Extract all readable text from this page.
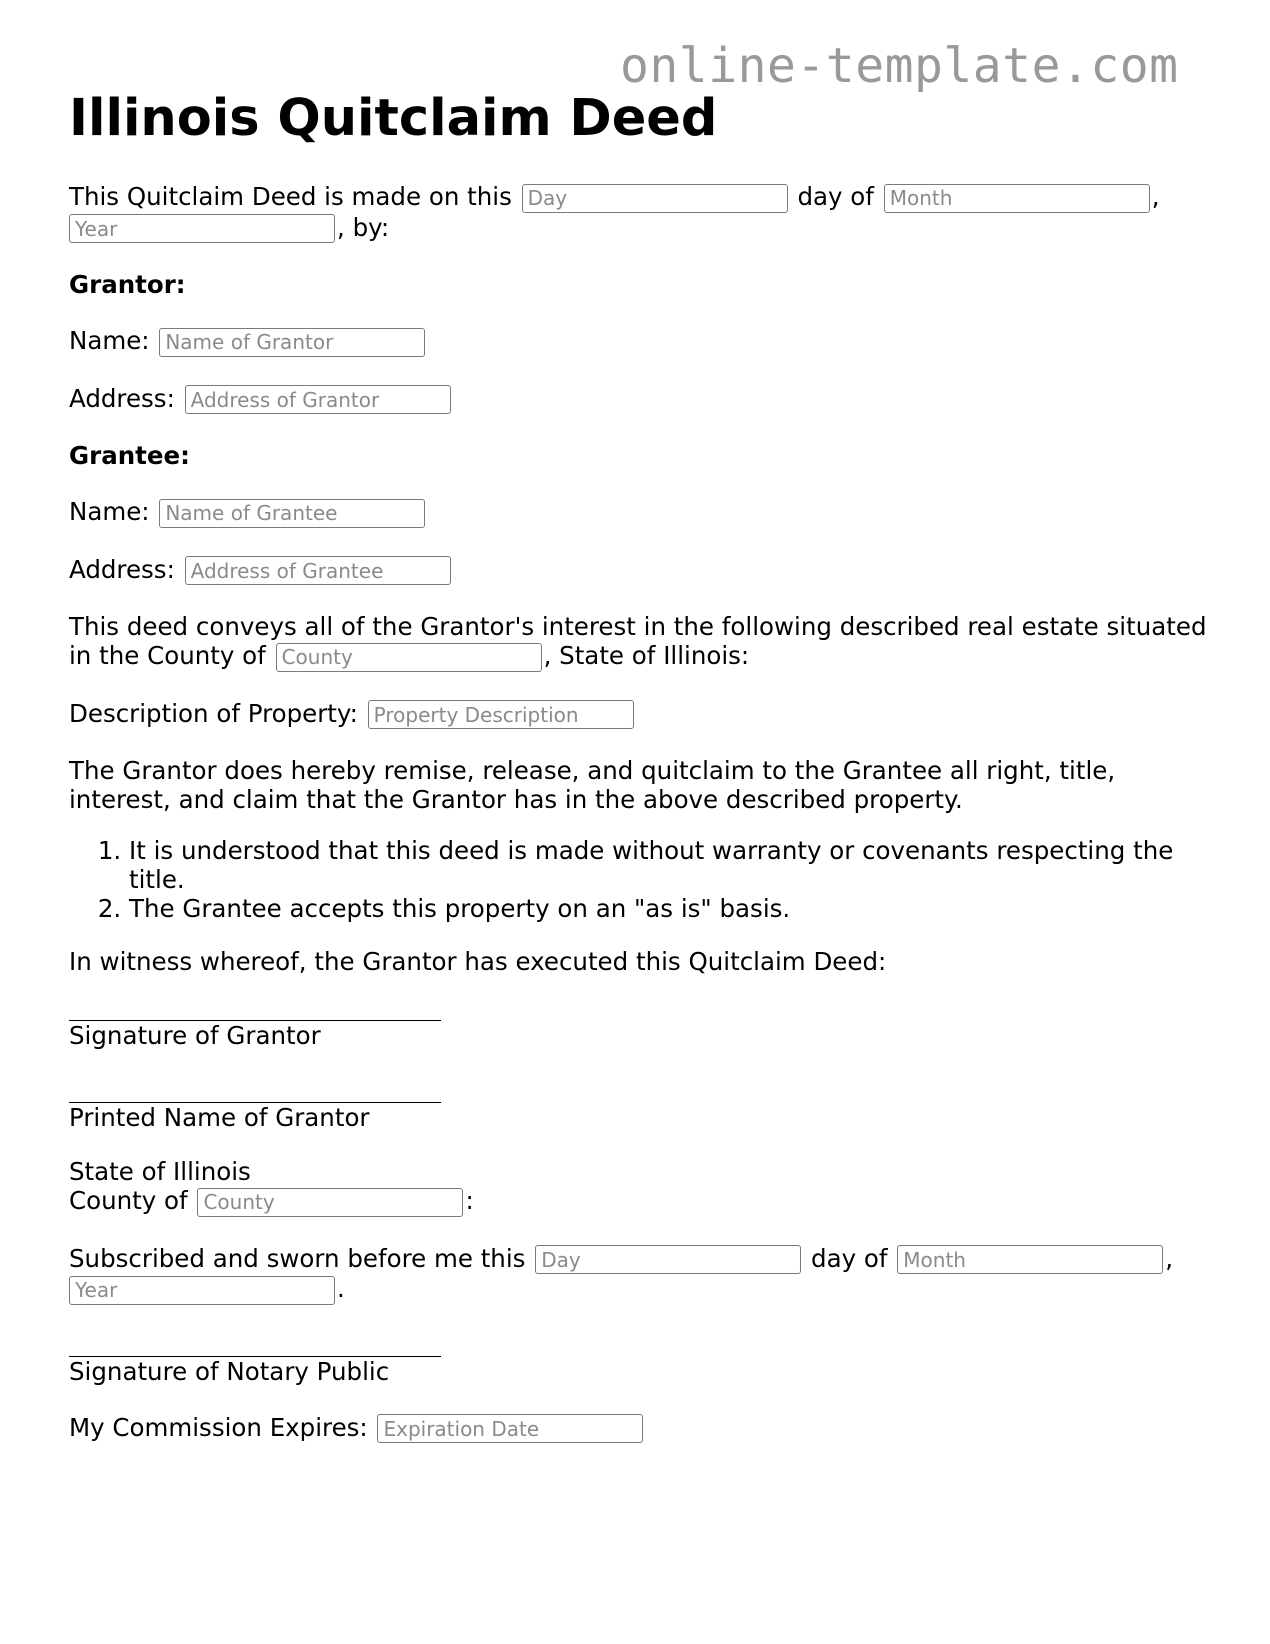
online-template.com
Illinois Quitclaim Deed

This Quitclaim Deed is made on this Day	day of Month	, Year, by:

Grantor:

Name: Name of Grantor

Address: Address of Grantor

Grantee:

Name: Name of Grantee

Address: Address of Grantee

This deed conveys all of the Grantor's interest in the following described real estate situated in the County of County	, State of Illinois:

Description of Property: Property Description

The Grantor does hereby remise, release, and quitclaim to the Grantee all right, title, interest, and claim that the Grantor has in the above described property.

1. It is understood that this deed is made without warranty or covenants respecting the title.
2. The Grantee accepts this property on an "as is" basis.

In witness whereof, the Grantor has executed this Quitclaim Deed:

Signature of Grantor

Printed Name of Grantor

State of Illinois

County of County	:

Subscribed and sworn before me this Day	day of Month	, Year.

Signature of Notary Public

My Commission Expires: Expiration Date
